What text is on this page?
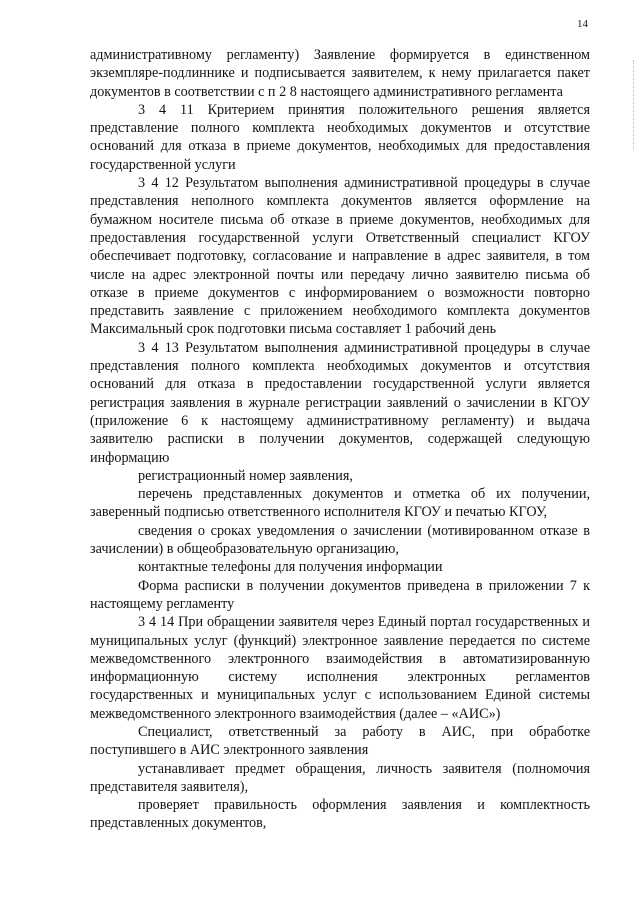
14

административному регламенту) Заявление формируется в единственном экземпляре-подлиннике и подписывается заявителем, к нему прилагается пакет документов в соответствии с п 2 8 настоящего административного регламента

3 4 11 Критерием принятия положительного решения является представление полного комплекта необходимых документов и отсутствие оснований для отказа в приеме документов, необходимых для предоставления государственной услуги

3 4 12 Результатом выполнения административной процедуры в случае представления неполного комплекта документов является оформление на бумажном носителе письма об отказе в приеме документов, необходимых для предоставления государственной услуги Ответственный специалист КГОУ обеспечивает подготовку, согласование и направление в адрес заявителя, в том числе на адрес электронной почты или передачу лично заявителю письма об отказе в приеме документов с информированием о возможности повторно представить заявление с приложением необходимого комплекта документов Максимальный срок подготовки письма составляет 1 рабочий день

3 4 13 Результатом выполнения административной процедуры в случае представления полного комплекта необходимых документов и отсутствия оснований для отказа в предоставлении государственной услуги является регистрация заявления в журнале регистрации заявлений о зачислении в КГОУ (приложение 6 к настоящему административному регламенту) и выдача заявителю расписки в получении документов, содержащей следующую информацию

регистрационный номер заявления,

перечень представленных документов и отметка об их получении, заверенный подписью ответственного исполнителя КГОУ и печатью КГОУ,

сведения о сроках уведомления о зачислении (мотивированном отказе в зачислении) в общеобразовательную организацию,

контактные телефоны для получения информации

Форма расписки в получении документов приведена в приложении 7 к настоящему регламенту

3 4 14 При обращении заявителя через Единый портал государственных и муниципальных услуг (функций) электронное заявление передается по системе межведомственного электронного взаимодействия в автоматизированную информационную систему исполнения электронных регламентов государственных и муниципальных услуг с использованием Единой системы межведомственного электронного взаимодействия (далее – «АИС»)

Специалист, ответственный за работу в АИС, при обработке поступившего в АИС электронного заявления

устанавливает предмет обращения, личность заявителя (полномочия представителя заявителя),

проверяет правильность оформления заявления и комплектность представленных документов,
